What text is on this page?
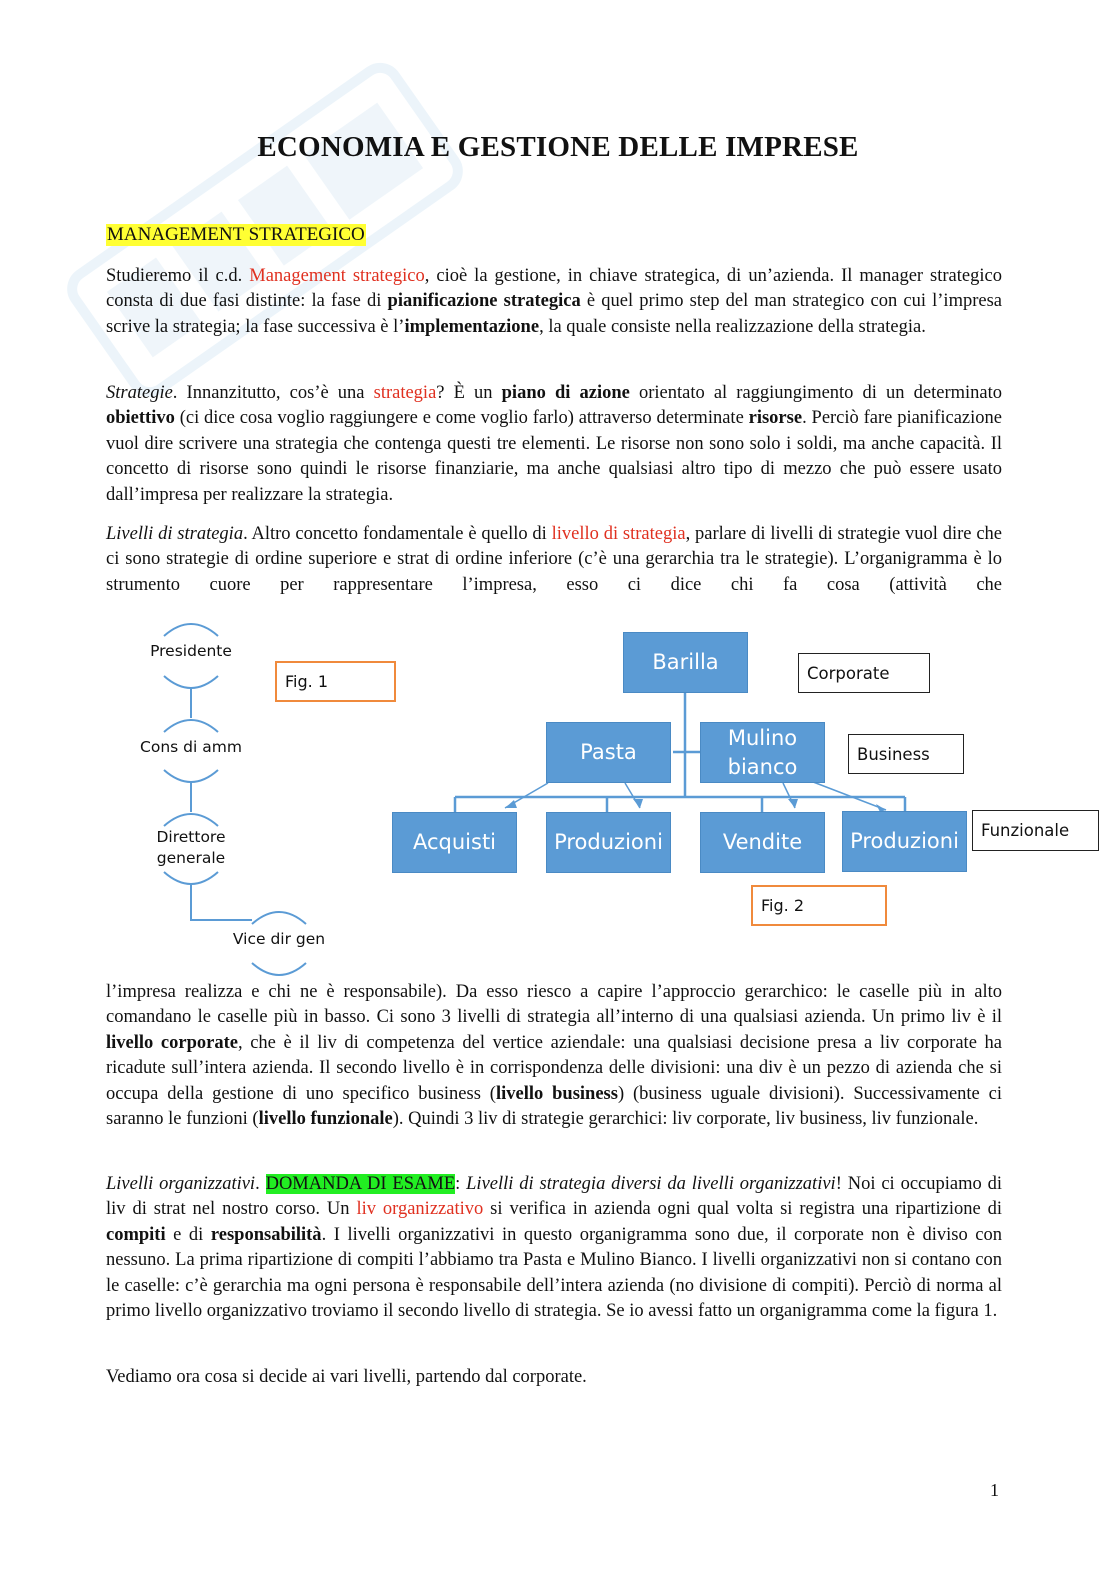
ECONOMIA E GESTIONE DELLE IMPRESE
MANAGEMENT STRATEGICO

Studieremo il c.d. Management strategico, cioè la gestione, in chiave strategica, di un’azienda. Il manager strategico consta di due fasi distinte: la fase di pianificazione strategica è quel primo step del man strategico con cui l’impresa scrive la strategia; la fase successiva è l’implementazione, la quale consiste nella realizzazione della strategia.

Strategie. Innanzitutto, cos’è una strategia? È un piano di azione orientato al raggiungimento di un determinato obiettivo (ci dice cosa voglio raggiungere e come voglio farlo) attraverso determinate risorse. Perciò fare pianificazione vuol dire scrivere una strategia che contenga questi tre elementi. Le risorse non sono solo i soldi, ma anche capacità. Il concetto di risorse sono quindi le risorse finanziarie, ma anche qualsiasi altro tipo di mezzo che può essere usato dall’impresa per realizzare la strategia.

Livelli di strategia. Altro concetto fondamentale è quello di livello di strategia, parlare di livelli di strategie vuol dire che ci sono strategie di ordine superiore e strat di ordine inferiore (c’è una gerarchia tra le strategie). L’organigramma è lo strumento cuore per rappresentare l’impresa, esso ci dice chi fa cosa (attività che

Presidente
Cons di amm
Direttore generale
Vice dir gen
Fig. 1
Barilla
Pasta
Mulino bianco
Acquisti	Produzioni	Vendite	Produzioni
Corporate
Business
Funzionale
Fig. 2

l’impresa realizza e chi ne è responsabile). Da esso riesco a capire l’approccio gerarchico: le caselle più in alto comandano le caselle più in basso. Ci sono 3 livelli di strategia all’interno di una qualsiasi azienda. Un primo liv è il livello corporate, che è il liv di competenza del vertice aziendale: una qualsiasi decisione presa a liv corporate ha ricadute sull’intera azienda. Il secondo livello è in corrispondenza delle divisioni: una div è un pezzo di azienda che si occupa della gestione di uno specifico business (livello business) (business uguale divisioni). Successivamente ci saranno le funzioni (livello funzionale). Quindi 3 liv di strategie gerarchici: liv corporate, liv business, liv funzionale.

Livelli organizzativi. DOMANDA DI ESAME: Livelli di strategia diversi da livelli organizzativi! Noi ci occupiamo di liv di strat nel nostro corso. Un liv organizzativo si verifica in azienda ogni qual volta si registra una ripartizione di compiti e di responsabilità. I livelli organizzativi in questo organigramma sono due, il corporate non è diviso con nessuno. La prima ripartizione di compiti l’abbiamo tra Pasta e Mulino Bianco. I livelli organizzativi non si contano con le caselle: c’è gerarchia ma ogni persona è responsabile dell’intera azienda (no divisione di compiti). Perciò di norma al primo livello organizzativo troviamo il secondo livello di strategia. Se io avessi fatto un organigramma come la figura 1.

Vediamo ora cosa si decide ai vari livelli, partendo dal corporate.

1
